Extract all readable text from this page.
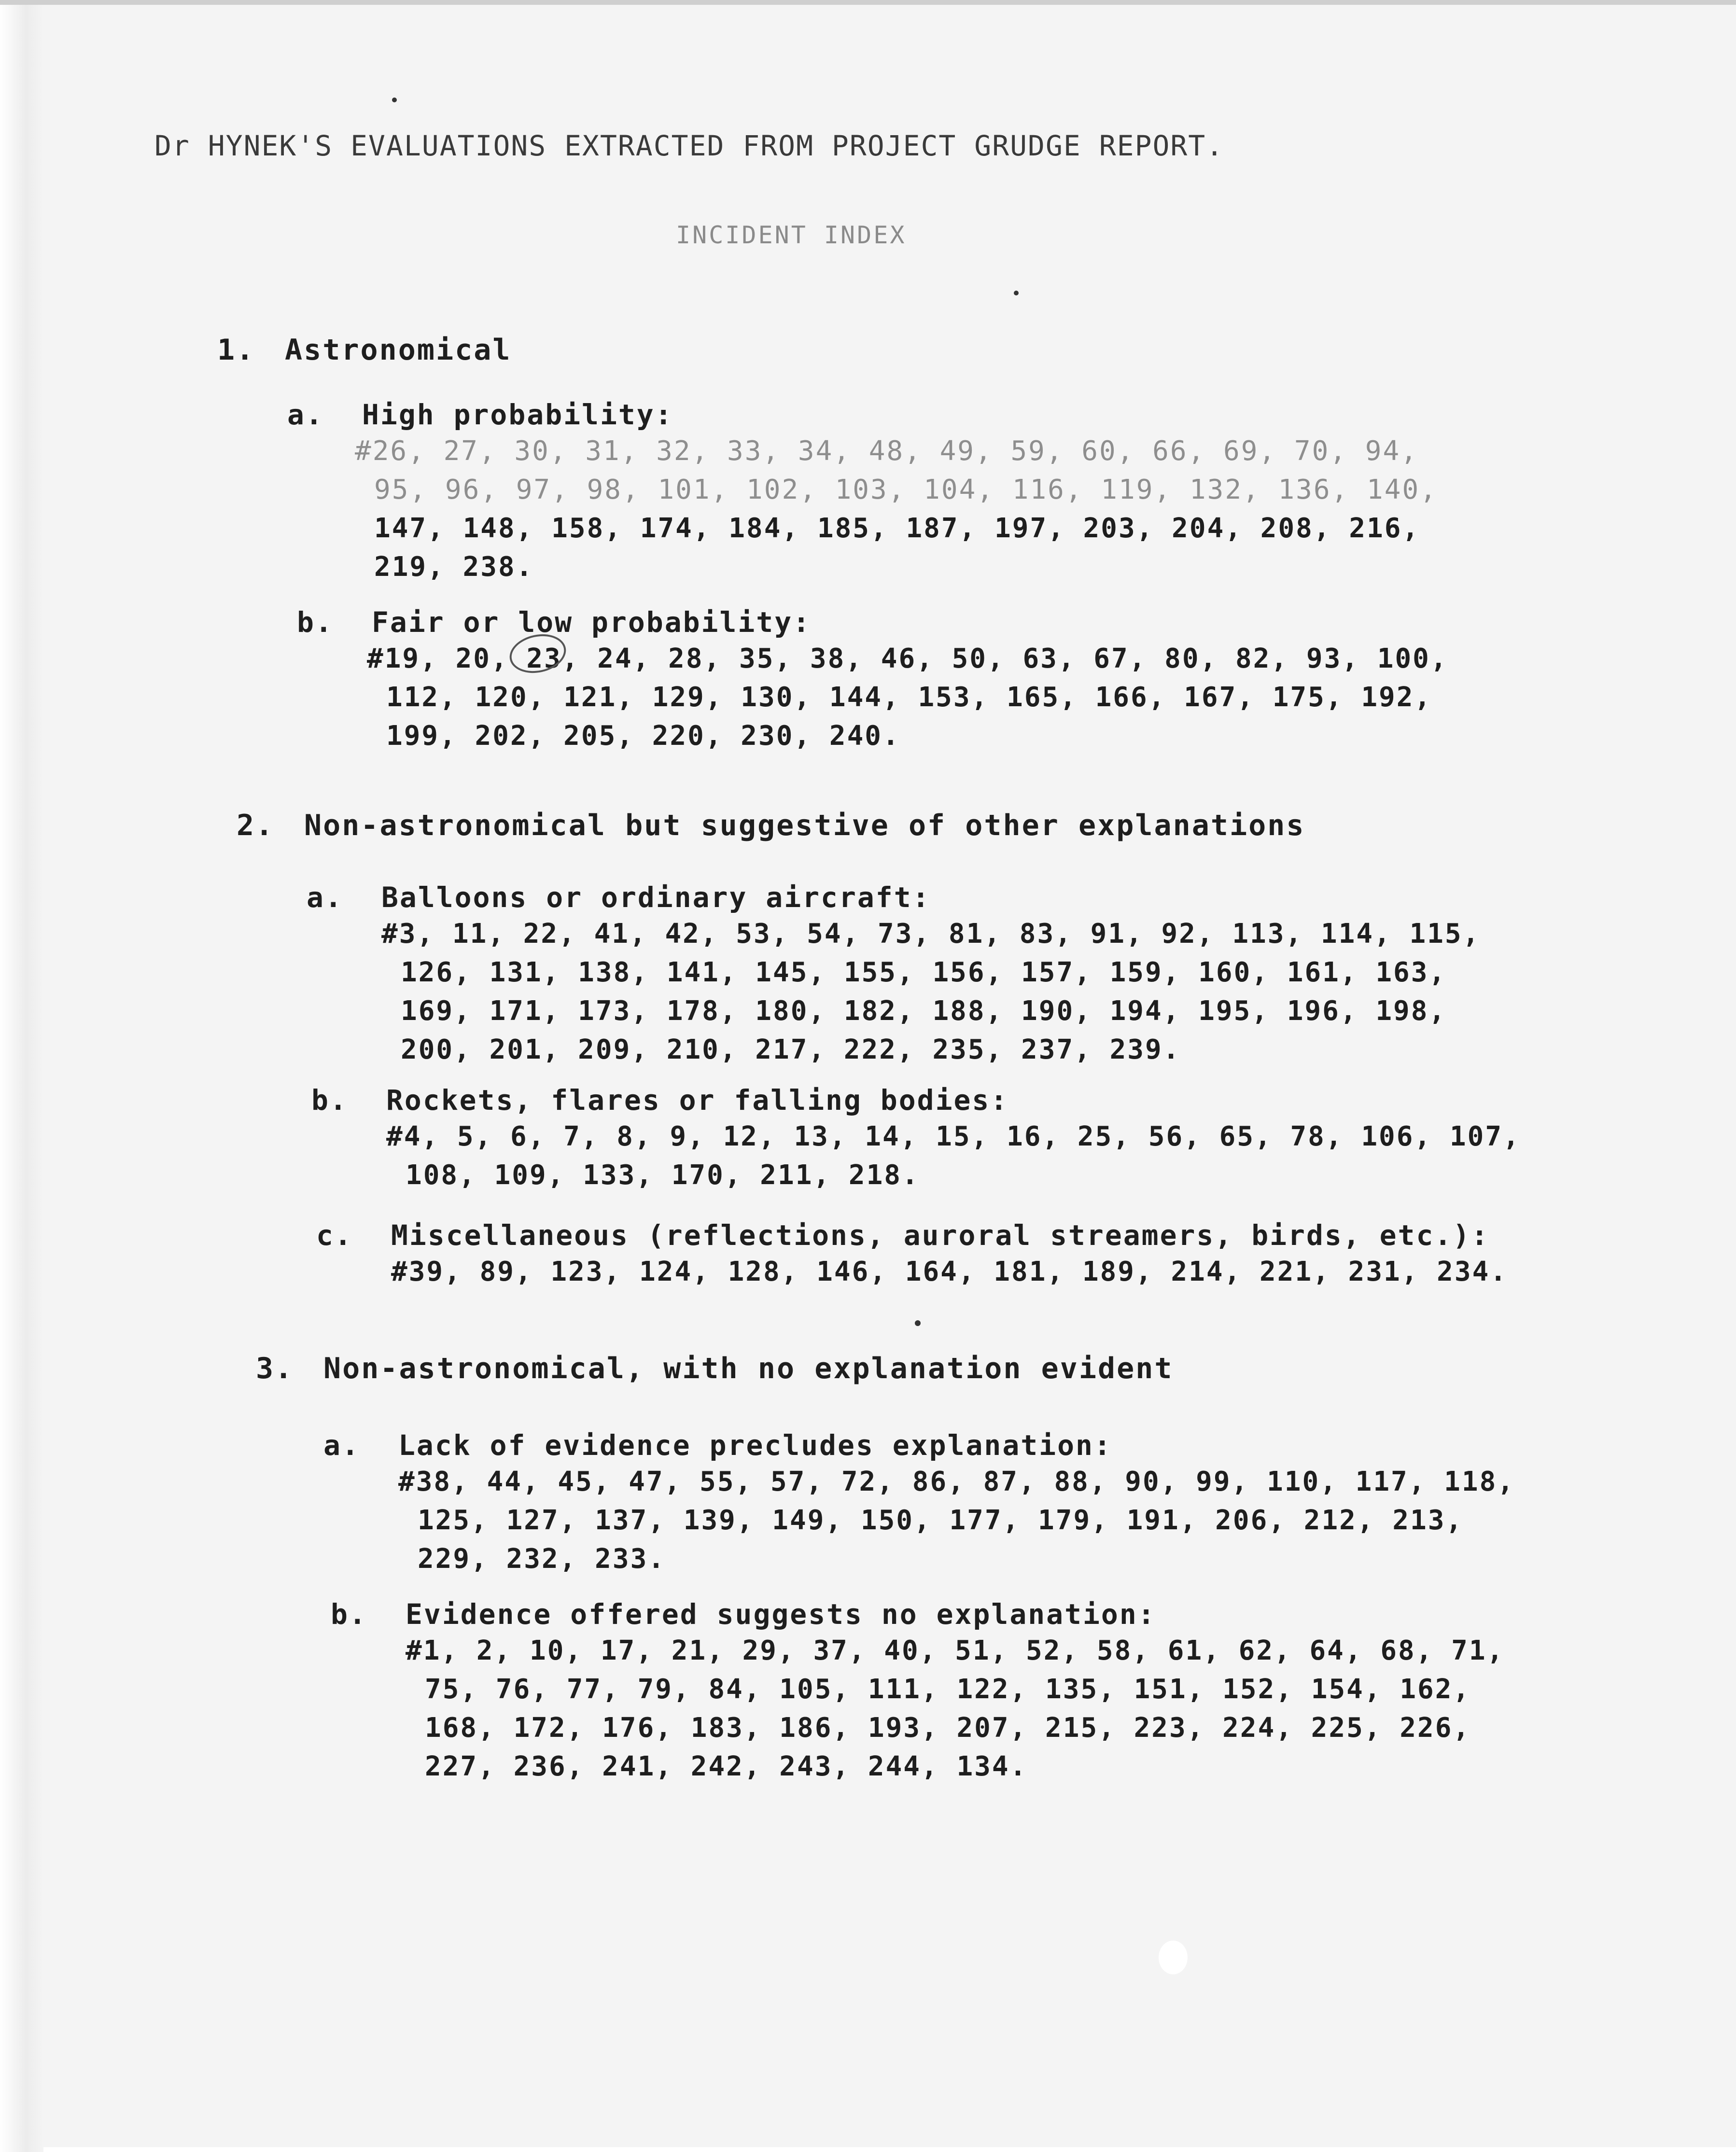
Dr HYNEK'S EVALUATIONS EXTRACTED FROM PROJECT GRUDGE REPORT.
INCIDENT INDEX
1. Astronomical
a. High probability:
#26, 27, 30, 31, 32, 33, 34, 48, 49, 59, 60, 66, 69, 70, 94,
95, 96, 97, 98, 101, 102, 103, 104, 116, 119, 132, 136, 140,
147, 148, 158, 174, 184, 185, 187, 197, 203, 204, 208, 216,
219, 238.
b. Fair or low probability:
#19, 20, 23, 24, 28, 35, 38, 46, 50, 63, 67, 80, 82, 93, 100,
112, 120, 121, 129, 130, 144, 153, 165, 166, 167, 175, 192,
199, 202, 205, 220, 230, 240.
2. Non-astronomical but suggestive of other explanations
a. Balloons or ordinary aircraft:
#3, 11, 22, 41, 42, 53, 54, 73, 81, 83, 91, 92, 113, 114, 115,
126, 131, 138, 141, 145, 155, 156, 157, 159, 160, 161, 163,
169, 171, 173, 178, 180, 182, 188, 190, 194, 195, 196, 198,
200, 201, 209, 210, 217, 222, 235, 237, 239.
b. Rockets, flares or falling bodies:
#4, 5, 6, 7, 8, 9, 12, 13, 14, 15, 16, 25, 56, 65, 78, 106, 107,
108, 109, 133, 170, 211, 218.
c. Miscellaneous (reflections, auroral streamers, birds, etc.):
#39, 89, 123, 124, 128, 146, 164, 181, 189, 214, 221, 231, 234.
3. Non-astronomical, with no explanation evident
a. Lack of evidence precludes explanation:
#38, 44, 45, 47, 55, 57, 72, 86, 87, 88, 90, 99, 110, 117, 118,
125, 127, 137, 139, 149, 150, 177, 179, 191, 206, 212, 213,
229, 232, 233.
b. Evidence offered suggests no explanation:
#1, 2, 10, 17, 21, 29, 37, 40, 51, 52, 58, 61, 62, 64, 68, 71,
75, 76, 77, 79, 84, 105, 111, 122, 135, 151, 152, 154, 162,
168, 172, 176, 183, 186, 193, 207, 215, 223, 224, 225, 226,
227, 236, 241, 242, 243, 244, 134.
